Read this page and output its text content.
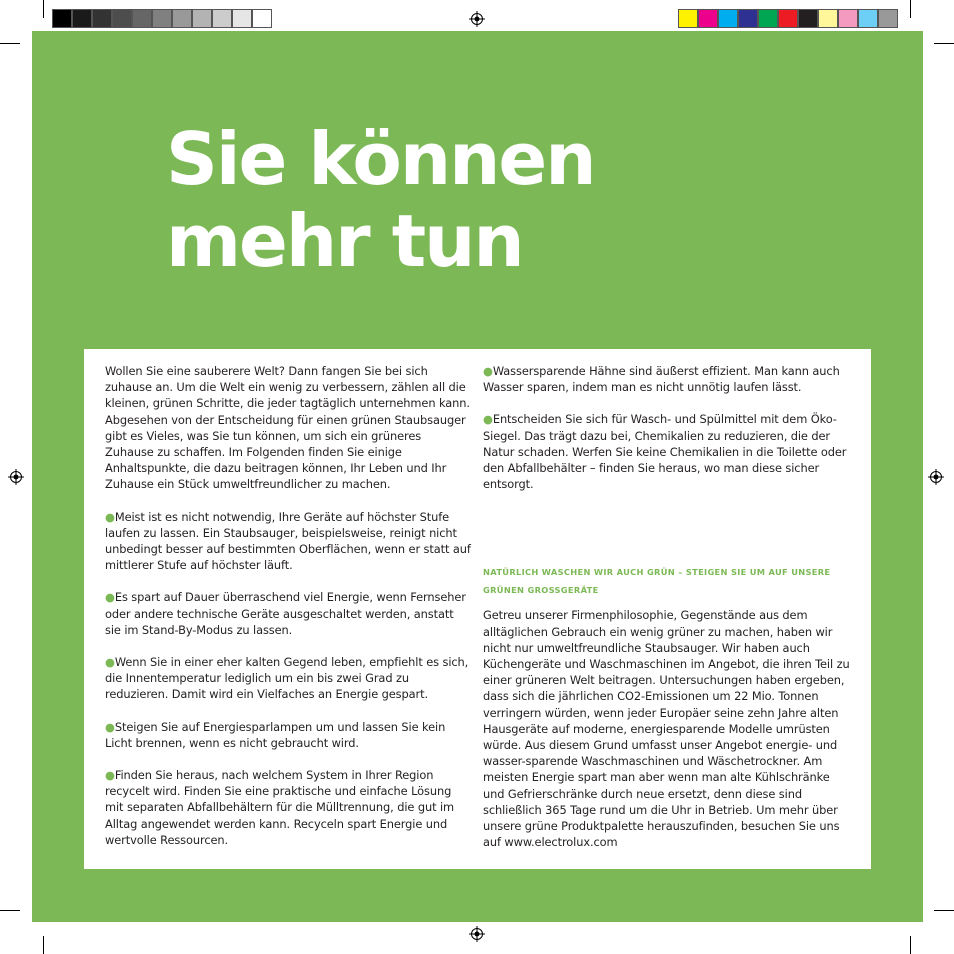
Sie können
mehr tun

Wollen Sie eine sauberere Welt? Dann fangen Sie bei sich zuhause an. Um die Welt ein wenig zu verbessern, zählen all die kleinen, grünen Schritte, die jeder tagtäglich unternehmen kann. Abgesehen von der Entscheidung für einen grünen Staubsauger gibt es Vieles, was Sie tun können, um sich ein grüneres Zuhause zu schaffen. Im Folgenden finden Sie einige Anhaltspunkte, die dazu beitragen können, Ihr Leben und Ihr Zuhause ein Stück umweltfreundlicher zu machen.

●Meist ist es nicht notwendig, Ihre Geräte auf höchster Stufe laufen zu lassen. Ein Staubsauger, beispielsweise, reinigt nicht unbedingt besser auf bestimmten Oberflächen, wenn er statt auf mittlerer Stufe auf höchster läuft.

●Es spart auf Dauer überraschend viel Energie, wenn Fernseher oder andere technische Geräte ausgeschaltet werden, anstatt sie im Stand-By-Modus zu lassen.

●Wenn Sie in einer eher kalten Gegend leben, empfiehlt es sich, die Innentemperatur lediglich um ein bis zwei Grad zu reduzieren. Damit wird ein Vielfaches an Energie gespart.

●Steigen Sie auf Energiesparlampen um und lassen Sie kein Licht brennen, wenn es nicht gebraucht wird.

●Finden Sie heraus, nach welchem System in Ihrer Region recycelt wird. Finden Sie eine praktische und einfache Lösung mit separaten Abfallbehältern für die Mülltrennung, die gut im Alltag angewendet werden kann. Recyceln spart Energie und wertvolle Ressourcen.

●Wassersparende Hähne sind äußerst effizient. Man kann auch Wasser sparen, indem man es nicht unnötig laufen lässt.

●Entscheiden Sie sich für Wasch- und Spülmittel mit dem Öko-Siegel. Das trägt dazu bei, Chemikalien zu reduzieren, die der Natur schaden. Werfen Sie keine Chemikalien in die Toilette oder den Abfallbehälter – finden Sie heraus, wo man diese sicher entsorgt.

NATÜRLICH WASCHEN WIR AUCH GRÜN – STEIGEN SIE UM AUF UNSERE GRÜNEN GROSSGERÄTE

Getreu unserer Firmenphilosophie, Gegenstände aus dem alltäglichen Gebrauch ein wenig grüner zu machen, haben wir nicht nur umweltfreundliche Staubsauger. Wir haben auch Küchengeräte und Waschmaschinen im Angebot, die ihren Teil zu einer grüneren Welt beitragen. Untersuchungen haben ergeben, dass sich die jährlichen CO2-Emissionen um 22 Mio. Tonnen verringern würden, wenn jeder Europäer seine zehn Jahre alten Hausgeräte auf moderne, energiesparende Modelle umrüsten würde. Aus diesem Grund umfasst unser Angebot energie- und wasser-sparende Waschmaschinen und Wäschetrockner. Am meisten Energie spart man aber wenn man alte Kühlschränke und Gefrierschränke durch neue ersetzt, denn diese sind schließlich 365 Tage rund um die Uhr in Betrieb. Um mehr über unsere grüne Produktpalette herauszufinden, besuchen Sie uns auf www.electrolux.com
